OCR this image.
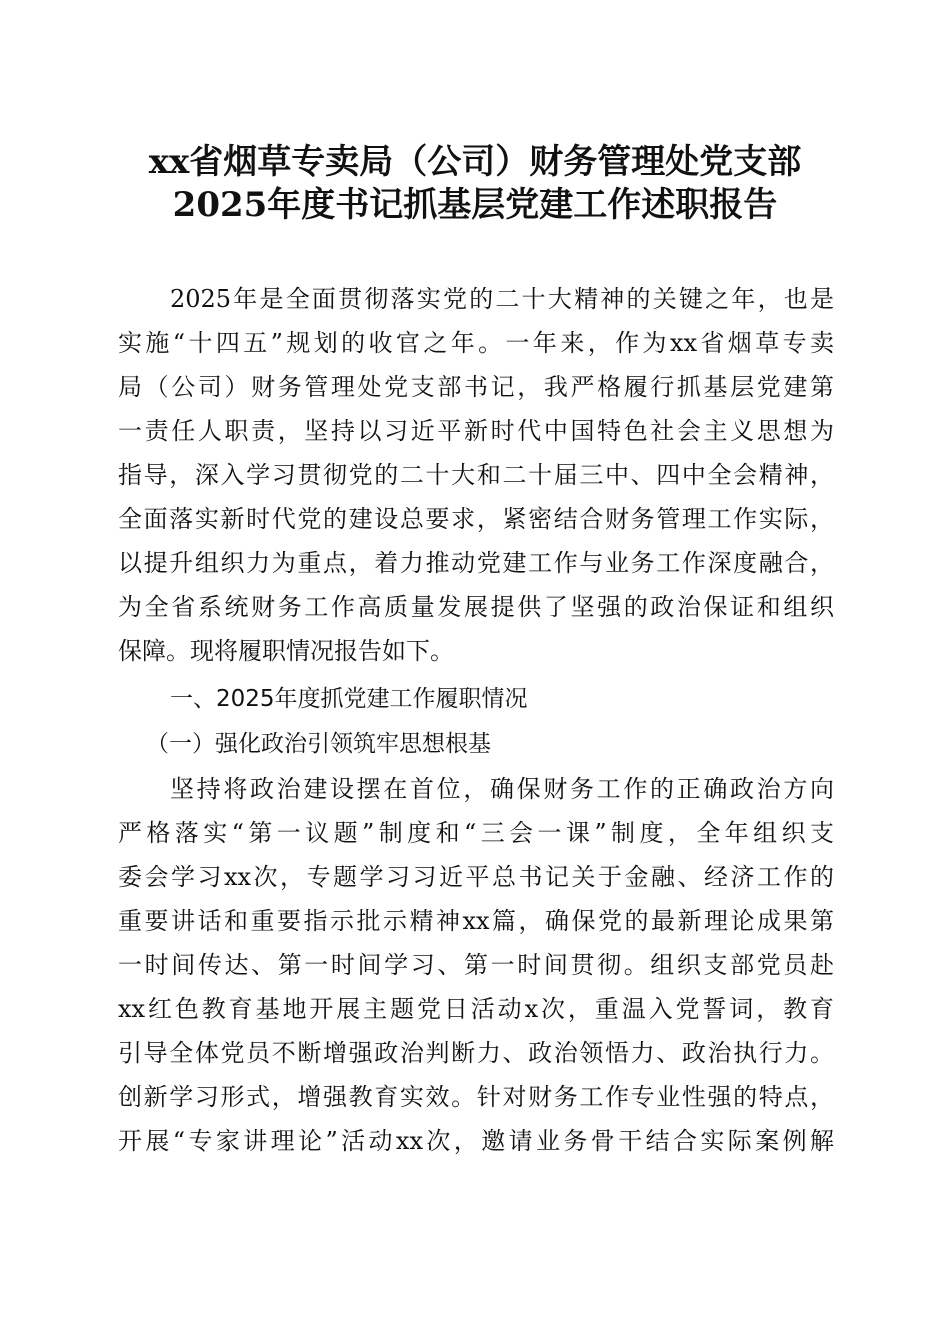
xx省烟草专卖局（公司）财务管理处党支部
2025年度书记抓基层党建工作述职报告
2025年是全面贯彻落实党的二十大精神的关键之年，也是
实施“十四五”规划的收官之年。一年来，作为xx省烟草专卖
局（公司）财务管理处党支部书记，我严格履行抓基层党建第
一责任人职责，坚持以习近平新时代中国特色社会主义思想为
指导，深入学习贯彻党的二十大和二十届三中、四中全会精神，
全面落实新时代党的建设总要求，紧密结合财务管理工作实际，
以提升组织力为重点，着力推动党建工作与业务工作深度融合，
为全省系统财务工作高质量发展提供了坚强的政治保证和组织
保障。现将履职情况报告如下。
一、2025年度抓党建工作履职情况
（一）强化政治引领筑牢思想根基
坚持将政治建设摆在首位，确保财务工作的正确政治方向
严格落实“第一议题”制度和“三会一课”制度，全年组织支
委会学习xx次，专题学习习近平总书记关于金融、经济工作的
重要讲话和重要指示批示精神xx篇，确保党的最新理论成果第
一时间传达、第一时间学习、第一时间贯彻。组织支部党员赴
xx红色教育基地开展主题党日活动x次，重温入党誓词，教育
引导全体党员不断增强政治判断力、政治领悟力、政治执行力。
创新学习形式，增强教育实效。针对财务工作专业性强的特点，
开展“专家讲理论”活动xx次，邀请业务骨干结合实际案例解
